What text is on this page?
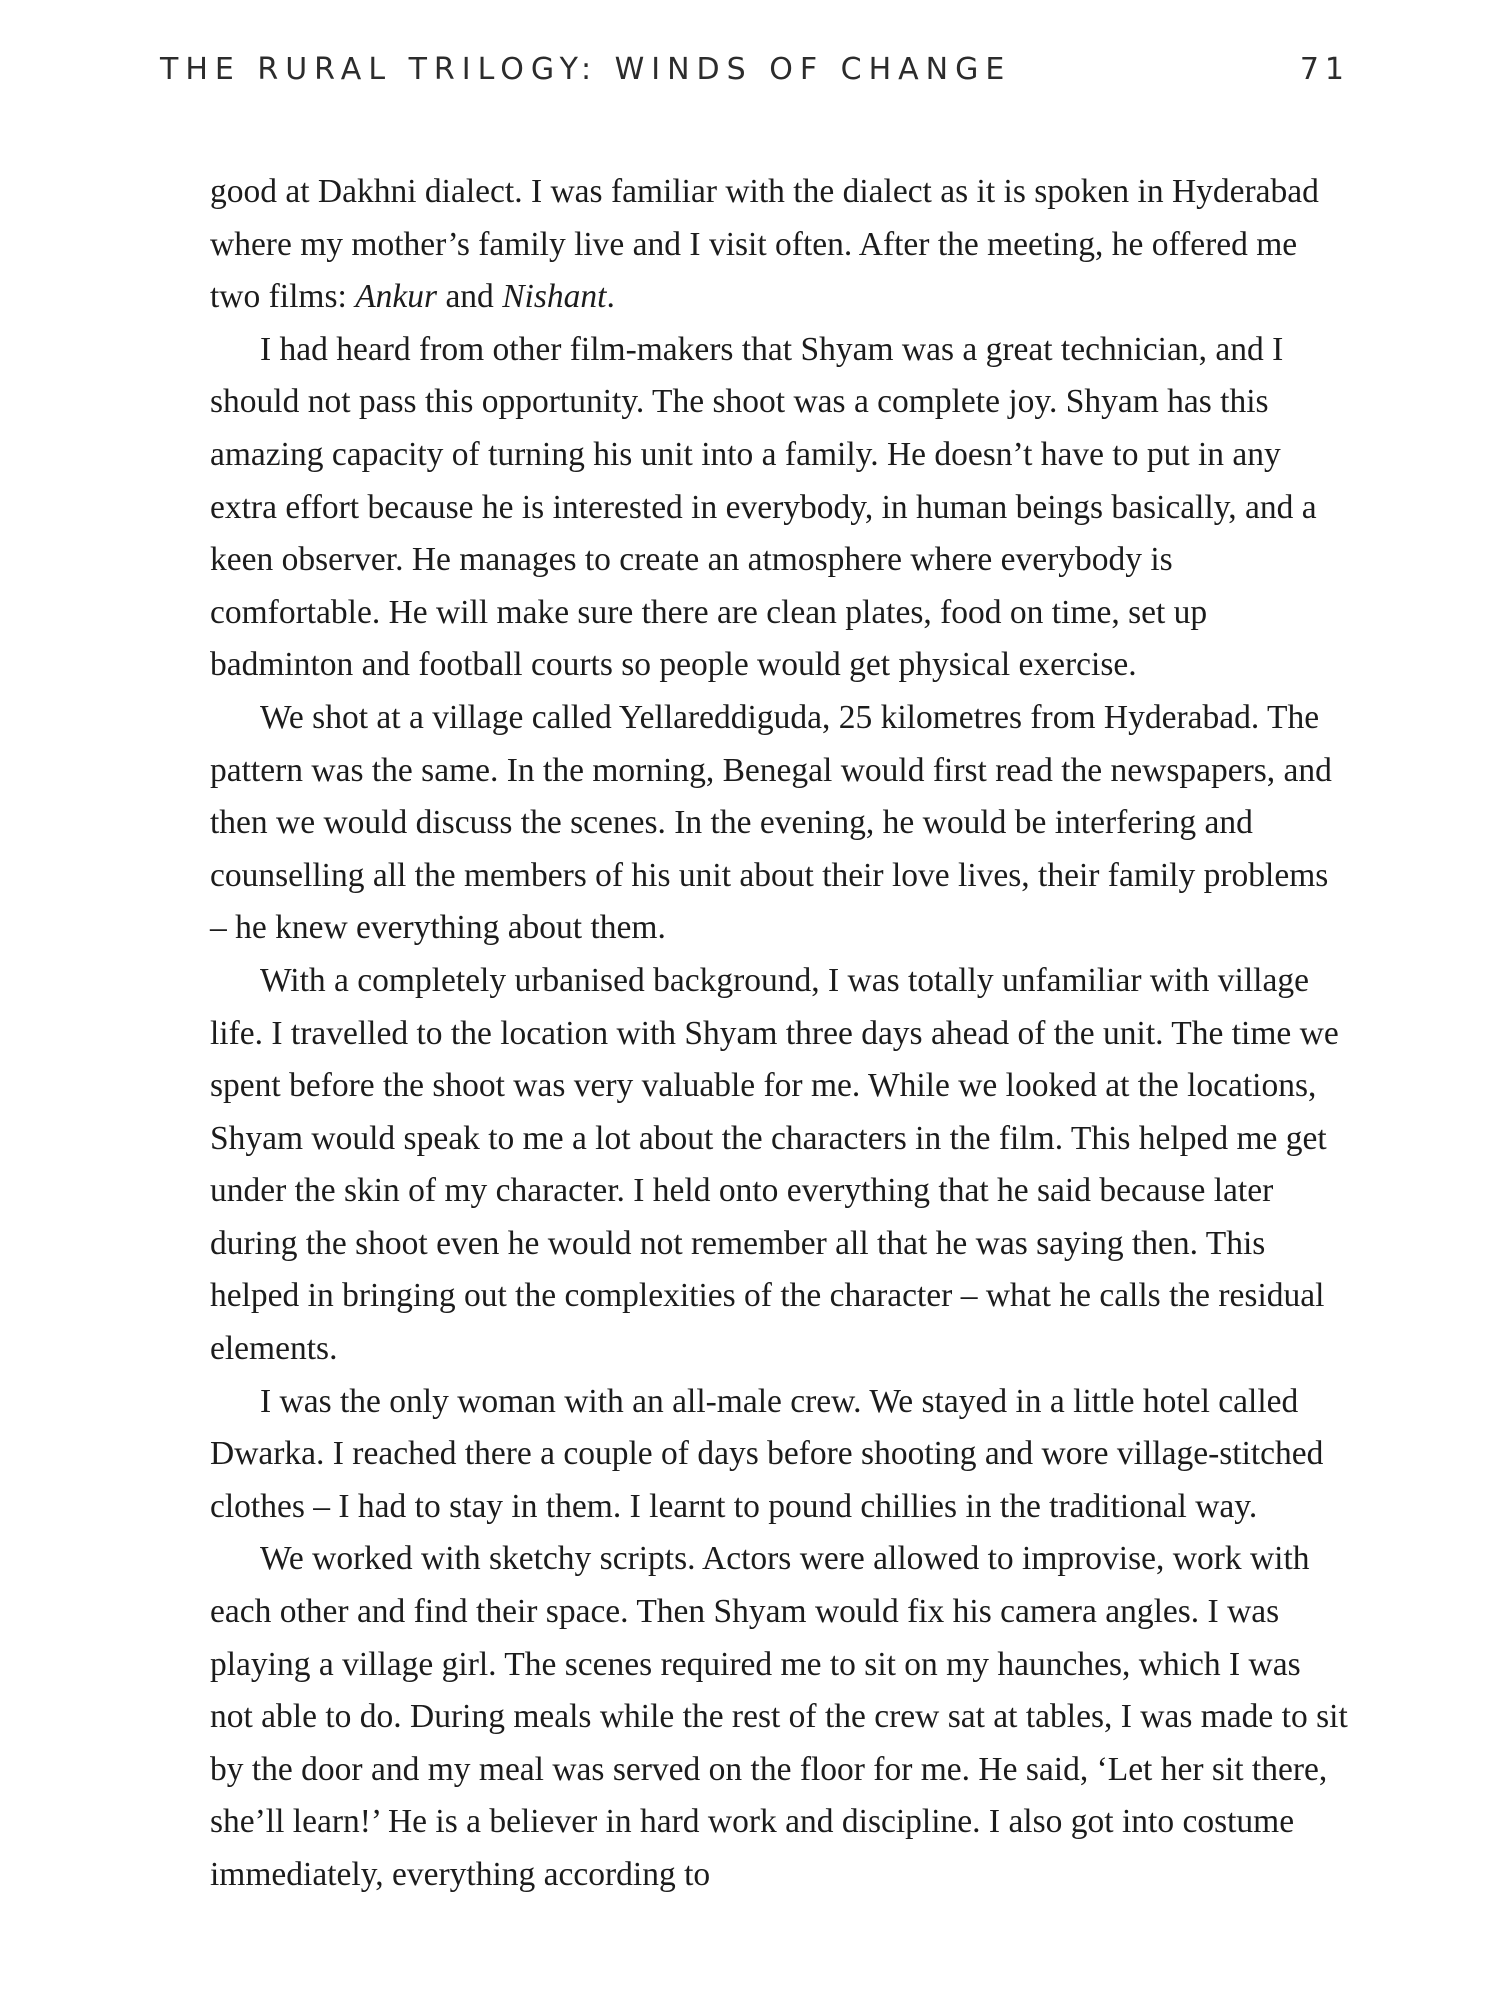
THE RURAL TRILOGY: WINDS OF CHANGE	71

good at Dakhni dialect. I was familiar with the dialect as it is spoken in Hyderabad where my mother’s family live and I visit often. After the meeting, he offered me two films: Ankur and Nishant.

I had heard from other film-makers that Shyam was a great technician, and I should not pass this opportunity. The shoot was a complete joy. Shyam has this amazing capacity of turning his unit into a family. He doesn’t have to put in any extra effort because he is interested in everybody, in human beings basically, and a keen observer. He manages to create an atmosphere where everybody is comfortable. He will make sure there are clean plates, food on time, set up badminton and football courts so people would get physical exercise.

We shot at a village called Yellareddiguda, 25 kilometres from Hyderabad. The pattern was the same. In the morning, Benegal would first read the newspapers, and then we would discuss the scenes. In the evening, he would be interfering and counselling all the members of his unit about their love lives, their family problems – he knew everything about them.

With a completely urbanised background, I was totally unfamiliar with village life. I travelled to the location with Shyam three days ahead of the unit. The time we spent before the shoot was very valuable for me. While we looked at the locations, Shyam would speak to me a lot about the characters in the film. This helped me get under the skin of my character. I held onto everything that he said because later during the shoot even he would not remember all that he was saying then. This helped in bringing out the complexities of the character – what he calls the residual elements.

I was the only woman with an all-male crew. We stayed in a little hotel called Dwarka. I reached there a couple of days before shooting and wore village-stitched clothes – I had to stay in them. I learnt to pound chillies in the traditional way.

We worked with sketchy scripts. Actors were allowed to improvise, work with each other and find their space. Then Shyam would fix his camera angles. I was playing a village girl. The scenes required me to sit on my haunches, which I was not able to do. During meals while the rest of the crew sat at tables, I was made to sit by the door and my meal was served on the floor for me. He said, ‘Let her sit there, she’ll learn!’ He is a believer in hard work and discipline. I also got into costume immediately, everything according to
